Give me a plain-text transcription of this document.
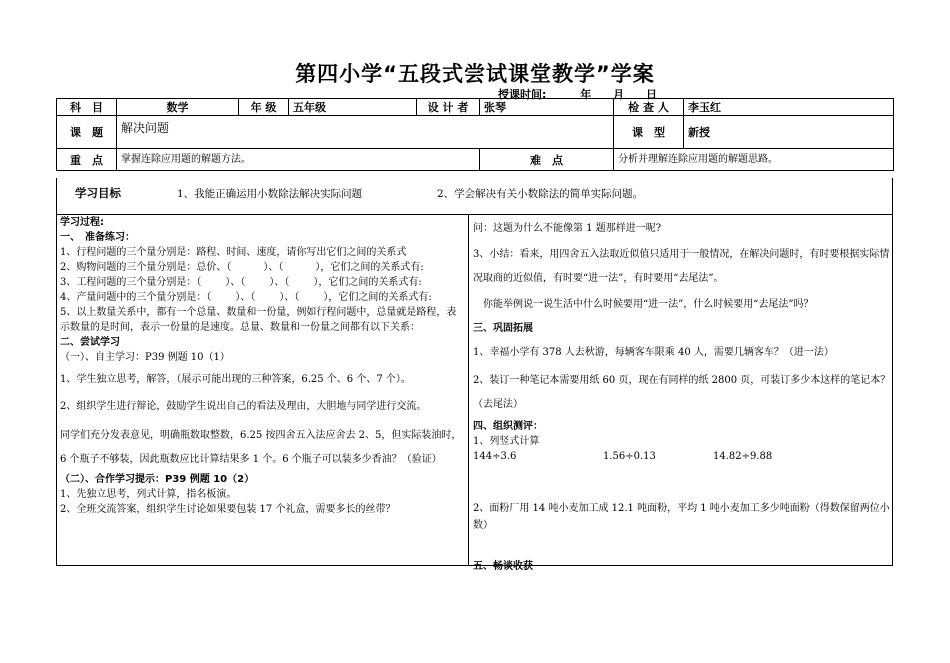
第四小学“五段式尝试课堂教学”学案
授课时间:	年 月 日
科　目	数学	年 级	五年级	设 计 者	张琴	检 查 人	李玉红
课　题	解决问题					课　型	新授
重　点	掌握连除应用题的解题方法。				难　点	分析并理解连除应用题的解题思路。	
学习目标	1、我能正确运用小数除法解决实际问题	2、学会解决有关小数除法的简单实际问题。

学习过程:

一、　准备练习：

1、行程问题的三个量分别是：路程、时间、速度，请你写出它们之间的关系式

2、购物问题的三个量分别是：总价、（	）、（	），它们之间的关系式有:

3、工程问题的三个量分别是：（ ）、（ ）、（ ），它们之间的关系式有:

4、产量问题中的三个量分别是：（ ）、（ ）、（ ），它们之间的关系式有:

5、以上数量关系中，都有一个总量、数量和一份量，例如行程问题中，总量就是路程，表示数量的是时间，表示一份量的是速度。总量、数量和一份量之间都有以下关系：

二、尝试学习

（一）、自主学习：P39 例题 10（1）

1、学生独立思考，解答，（展示可能出现的三种答案，6.25 个、6 个、7 个）。

2、组织学生进行辩论，鼓励学生说出自己的看法及理由，大胆地与同学进行交流。

同学们充分发表意见，明确瓶数取整数，6.25 按四舍五入法应舍去 2、5，但实际装油时，6 个瓶子不够装，因此瓶数应比计算结果多 1 个。6 个瓶子可以装多少香油？（验证）

（二）、合作学习提示：P39 例题 10（2）

1、先独立思考，列式计算，指名板演。

2、全班交流答案，组织学生讨论如果要包装 17 个礼盒，需要多长的丝带？

问：这题为什么不能像第 1 题那样进一呢?

3、小结：看来，用四舍五入法取近似值只适用于一般情况，在解决问题时，有时要根据实际情况取商的近似值，有时要“进一法”，有时要用“去尾法”。

　你能举例说一说生活中什么时候要用“进一法”，什么时候要用“去尾法”吗？

三、巩固拓展

1、幸福小学有 378 人去秋游，每辆客车限乘 40 人，需要几辆客车？（进一法）

2、装订一种笔记本需要用纸 60 页，现在有同样的纸 2800 页，可装订多少本这样的笔记本？（去尾法）

四、组织测评：

1、列竖式计算

144÷3.6	1.56÷0.13	14.82÷9.88

2、面粉厂用 14 吨小麦加工成 12.1 吨面粉，平均 1 吨小麦加工多少吨面粉（得数保留两位小数）

五、畅谈收获
